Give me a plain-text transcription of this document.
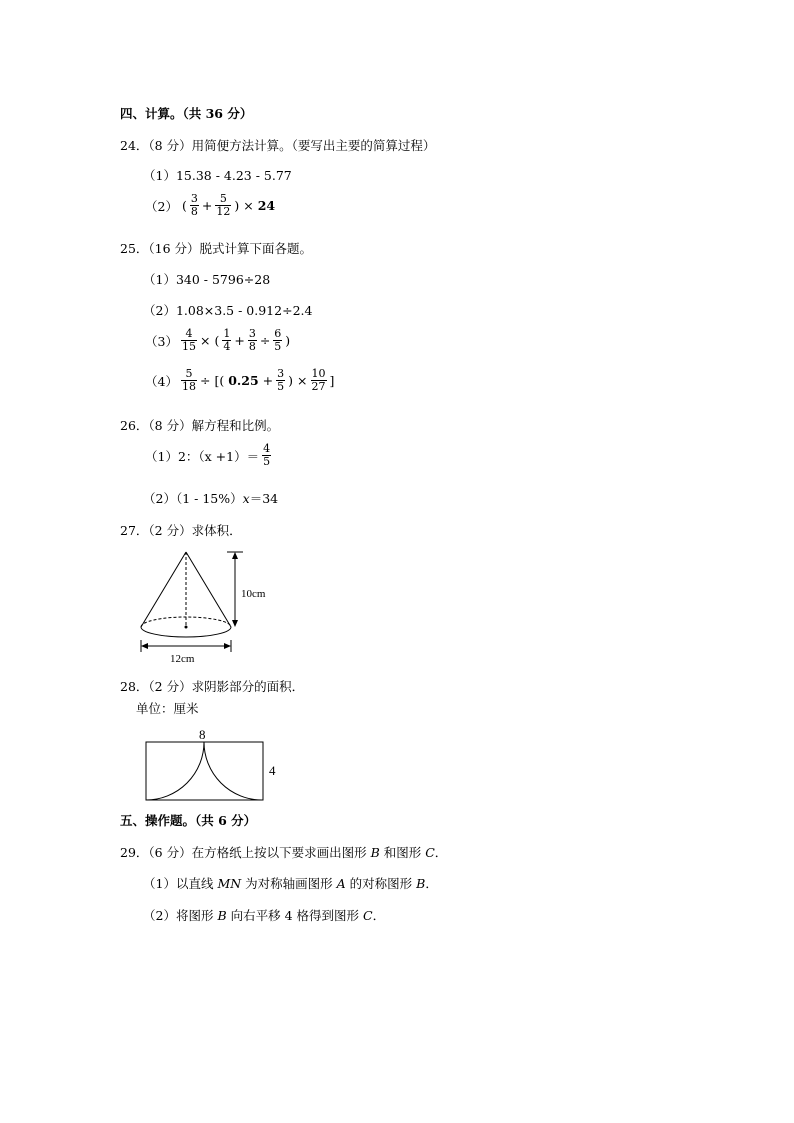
四、计算。（共 36 分）
24．（8 分）用简便方法计算。（要写出主要的简算过程）
（1）15.38 - 4.23 - 5.77
（2） ( $\frac{3}{8} + \frac{5}{12}$ ) × 24
25．（16 分）脱式计算下面各题。
（1）340 - 5796÷28
（2）1.08×3.5 - 0.912÷2.4
$(3) \frac{4}{15}$ × ( $\frac{1}{4} + \frac{3}{8} \div \frac{6}{5}$ )
$(4) \frac{5}{18}$ ÷ [( $0.25 + \frac{3}{5}$ ) × $\frac{10}{27}$ ]
26．（8 分）解方程和比例。
（1）2：$(x +1)= \frac{4}{5}$
（2）（1 - 15%）x＝34
27．（2 分）求体积．
10cm
12cm
28．（2 分）求阴影部分的面积．
单位：厘米
8
4
五、操作题。（共 6 分）
29．（6 分）在方格纸上按以下要求画出图形 B 和图形 C．
（1）以直线 MN 为对称轴画图形 A 的对称图形 B．
（2）将图形 B 向右平移 4 格得到图形 C．
